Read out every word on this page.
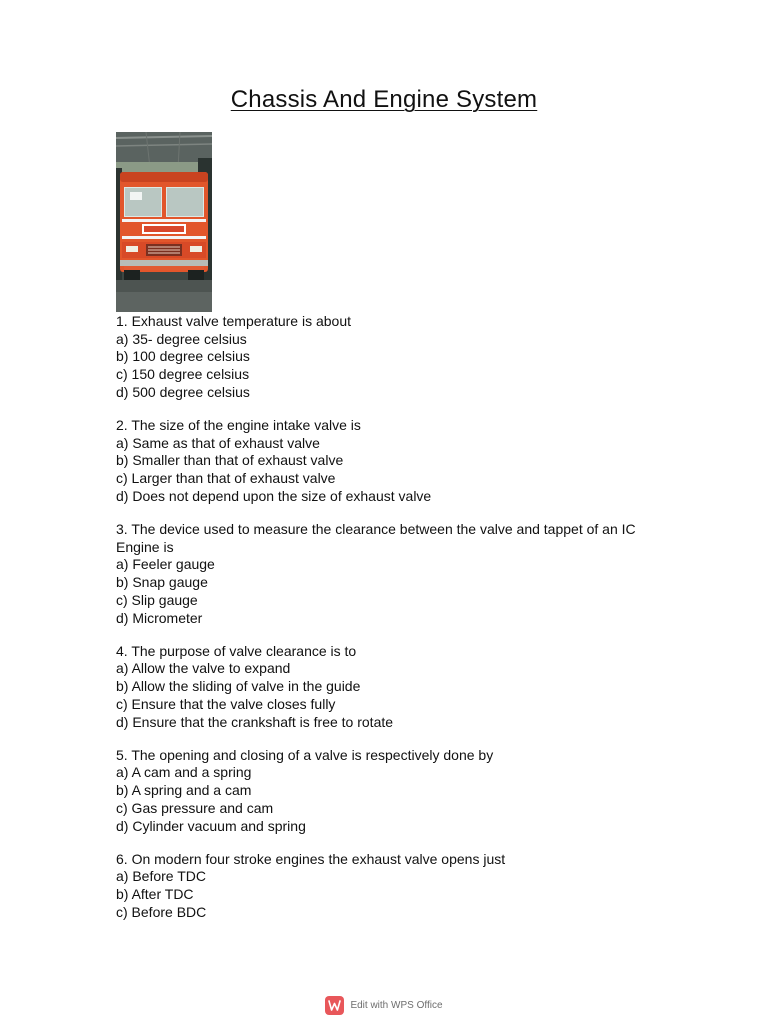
Chassis And Engine System
1. Exhaust valve temperature is about
a) 35- degree celsius
b) 100 degree celsius
c) 150 degree celsius
d) 500 degree celsius
2. The size of the engine intake valve is
a) Same as that of exhaust valve
b) Smaller than that of exhaust valve
c) Larger than that of exhaust valve
d) Does not depend upon the size of exhaust valve
3. The device used to measure the clearance between the valve and tappet of an IC Engine is
a) Feeler gauge
b) Snap gauge
c) Slip gauge
d) Micrometer
4. The purpose of valve clearance is to
a) Allow the valve to expand
b) Allow the sliding of valve in the guide
c) Ensure that the valve closes fully
d) Ensure that the crankshaft is free to rotate
5. The opening and closing of a valve is respectively done by
a) A cam and a spring
b) A spring and a cam
c) Gas pressure and cam
d) Cylinder vacuum and spring
6. On modern four stroke engines the exhaust valve opens just
a) Before TDC
b) After TDC
c) Before BDC
Edit with WPS Office
